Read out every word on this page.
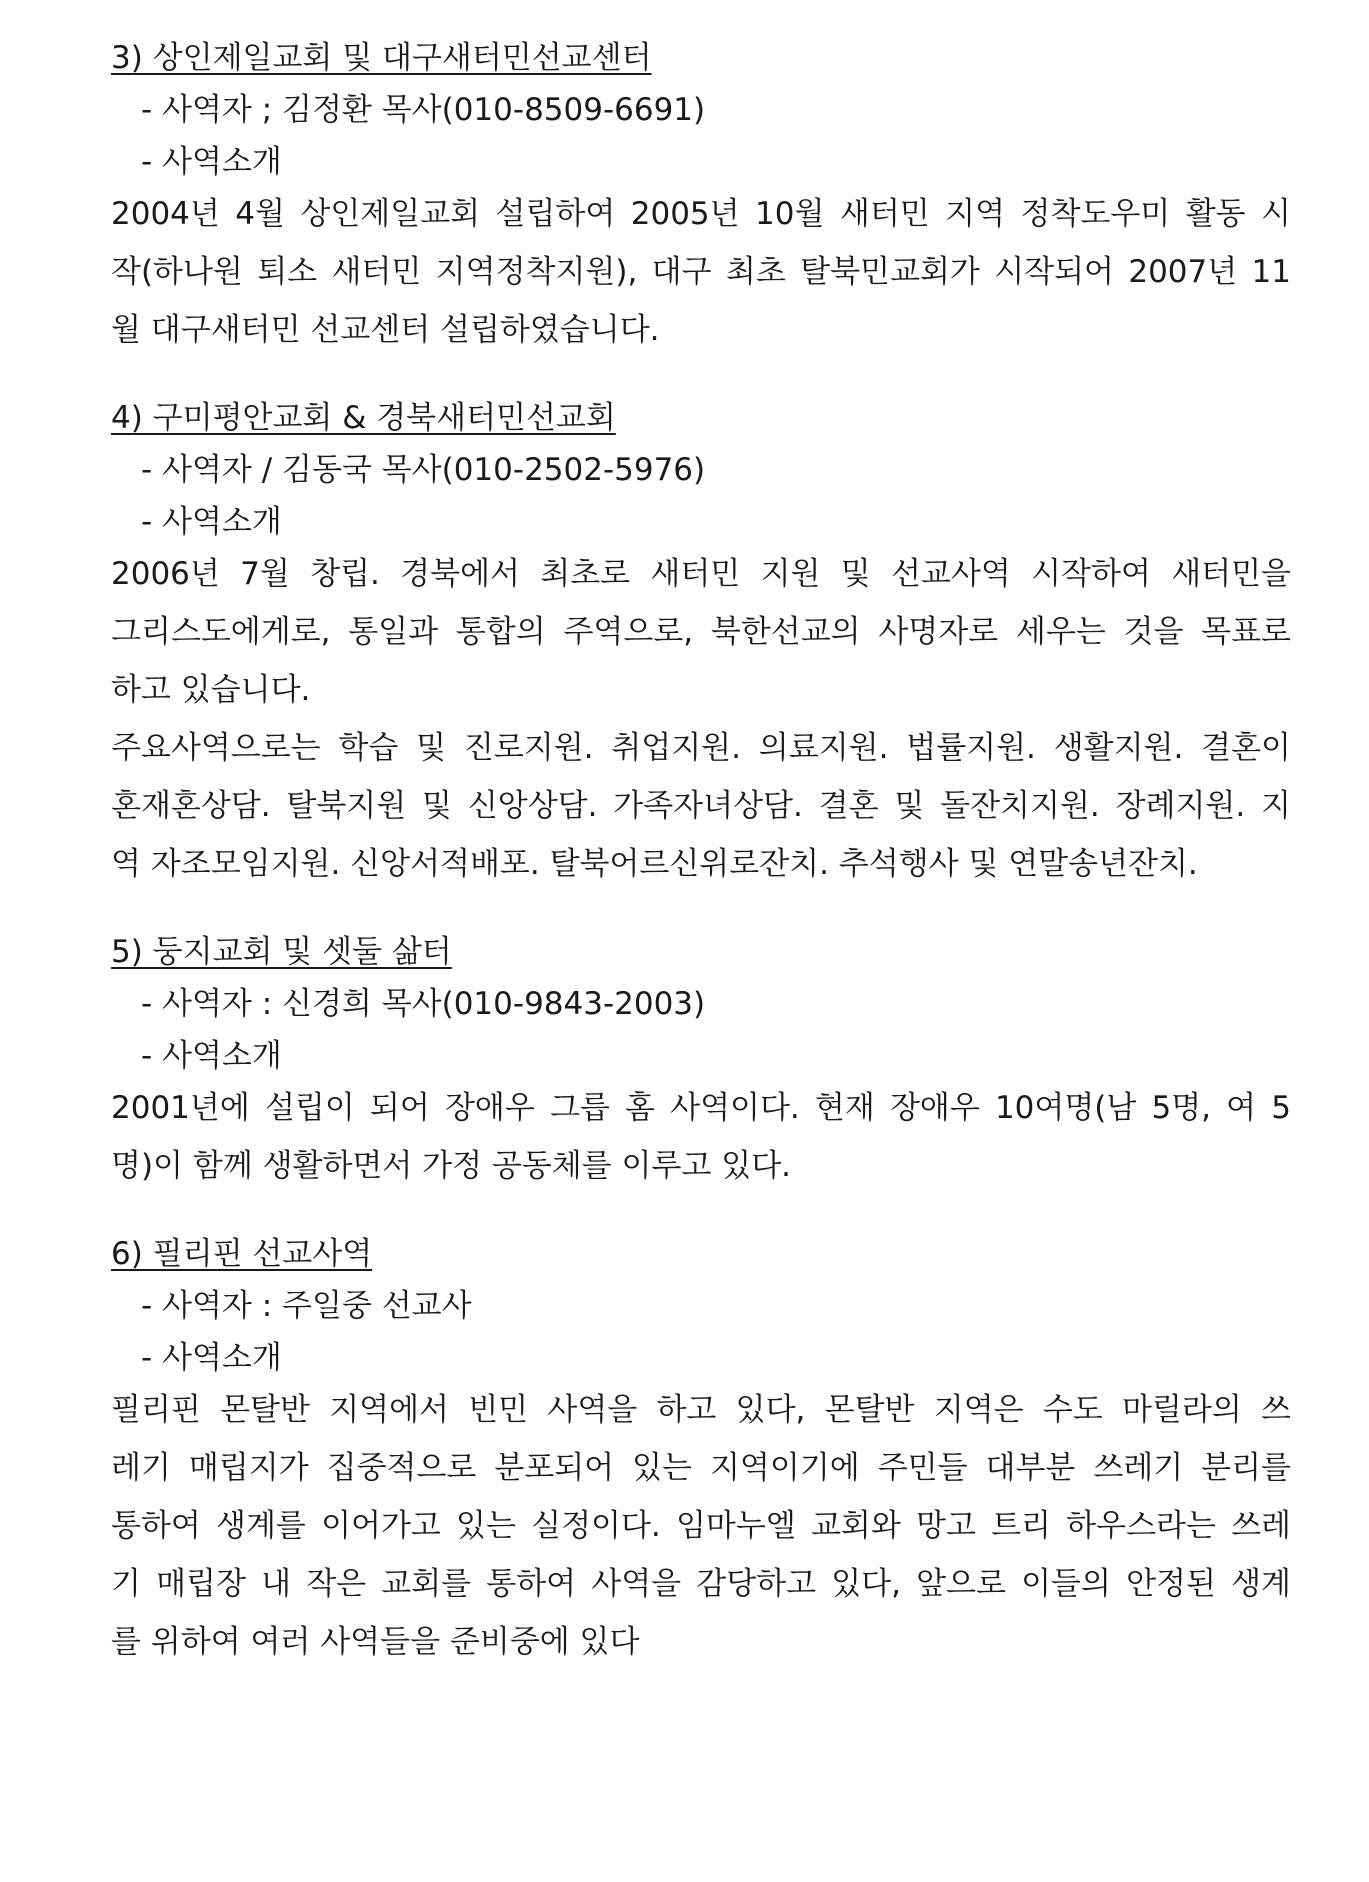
3) 상인제일교회 및 대구새터민선교센터
- 사역자 ; 김정환 목사(010-8509-6691)
- 사역소개
2004년 4월 상인제일교회 설립하여 2005년 10월 새터민 지역 정착도우미 활동 시
작(하나원 퇴소 새터민 지역정착지원), 대구 최초 탈북민교회가 시작되어 2007년 11
월 대구새터민 선교센터 설립하였습니다.
4) 구미평안교회 & 경북새터민선교회
- 사역자 / 김동국 목사(010-2502-5976)
- 사역소개
2006년 7월 창립. 경북에서 최초로 새터민 지원 및 선교사역 시작하여 새터민을
그리스도에게로, 통일과 통합의 주역으로, 북한선교의 사명자로 세우는 것을 목표로
하고 있습니다.
주요사역으로는 학습 및 진로지원. 취업지원. 의료지원. 법률지원. 생활지원. 결혼이
혼재혼상담. 탈북지원 및 신앙상담. 가족자녀상담. 결혼 및 돌잔치지원. 장례지원. 지
역 자조모임지원. 신앙서적배포. 탈북어르신위로잔치. 추석행사 및 연말송년잔치.
5) 둥지교회 및 셋둘 삶터
- 사역자 : 신경희 목사(010-9843-2003)
- 사역소개
2001년에 설립이 되어 장애우 그릅 홈 사역이다. 현재 장애우 10여명(남 5명, 여 5
명)이 함께 생활하면서 가정 공동체를 이루고 있다.
6) 필리핀 선교사역
- 사역자 : 주일중 선교사
- 사역소개
필리핀 몬탈반 지역에서 빈민 사역을 하고 있다, 몬탈반 지역은 수도 마릴라의 쓰
레기 매립지가 집중적으로 분포되어 있는 지역이기에 주민들 대부분 쓰레기 분리를
통하여 생계를 이어가고 있는 실정이다. 임마누엘 교회와 망고 트리 하우스라는 쓰레
기 매립장 내 작은 교회를 통하여 사역을 감당하고 있다, 앞으로 이들의 안정된 생계
를 위하여 여러 사역들을 준비중에 있다
